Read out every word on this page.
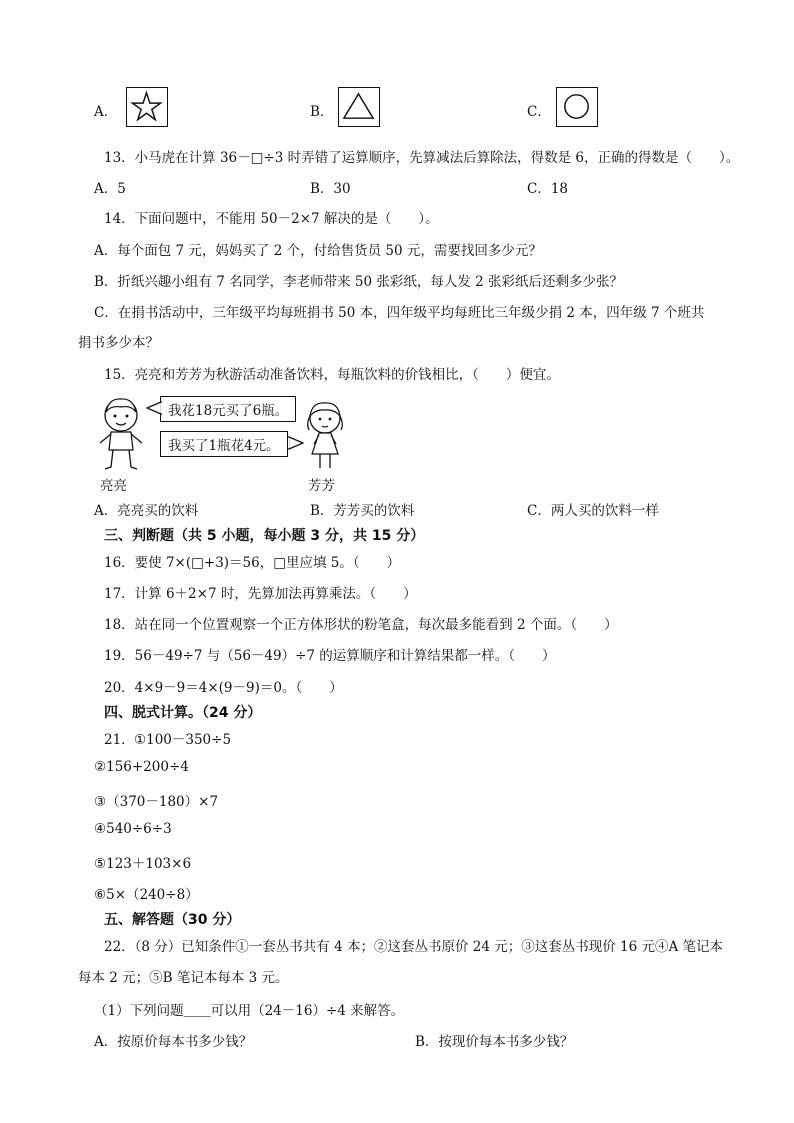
A．	B．	C．
13．小马虎在计算 36－□÷3 时弄错了运算顺序，先算减法后算除法，得数是 6，正确的得数是（　　）。
A．5	B．30	C．18
14．下面问题中，不能用 50－2×7 解决的是（　　）。
A．每个面包 7 元，妈妈买了 2 个，付给售货员 50 元，需要找回多少元？
B．折纸兴趣小组有 7 名同学，李老师带来 50 张彩纸，每人发 2 张彩纸后还剩多少张？
C．在捐书活动中，三年级平均每班捐书 50 本，四年级平均每班比三年级少捐 2 本，四年级 7 个班共
捐书多少本？
15．亮亮和芳芳为秋游活动准备饮料，每瓶饮料的价钱相比，（　　）便宜。
亮亮
我花18元买了6瓶。
我买了1瓶花4元。
芳芳
A．亮亮买的饮料	B．芳芳买的饮料	C．两人买的饮料一样
三、判断题（共 5 小题，每小题 3 分，共 15 分）
16．要使 7×(□+3)＝56，□里应填 5。（　　）
17．计算 6＋2×7 时，先算加法再算乘法。（　　）
18．站在同一个位置观察一个正方体形状的粉笔盒，每次最多能看到 2 个面。（　　）
19．56－49÷7 与（56－49）÷7 的运算顺序和计算结果都一样。（　　）
20．4×9－9＝4×(9－9)＝0。（　　）
四、脱式计算。（24 分）
21． ①100－350÷5
②156+200÷4
③（370－180）×7
④540÷6÷3
⑤123＋103×6
⑥5×（240÷8）
五、解答题（30 分）
22．（8 分）已知条件①一套丛书共有 4 本；②这套丛书原价 24 元；③这套丛书现价 16 元④A 笔记本
每本 2 元；⑤B 笔记本每本 3 元。
（1）下列问题＿＿可以用（24－16）÷4 来解答。
A．按原价每本书多少钱？	B．按现价每本书多少钱？
